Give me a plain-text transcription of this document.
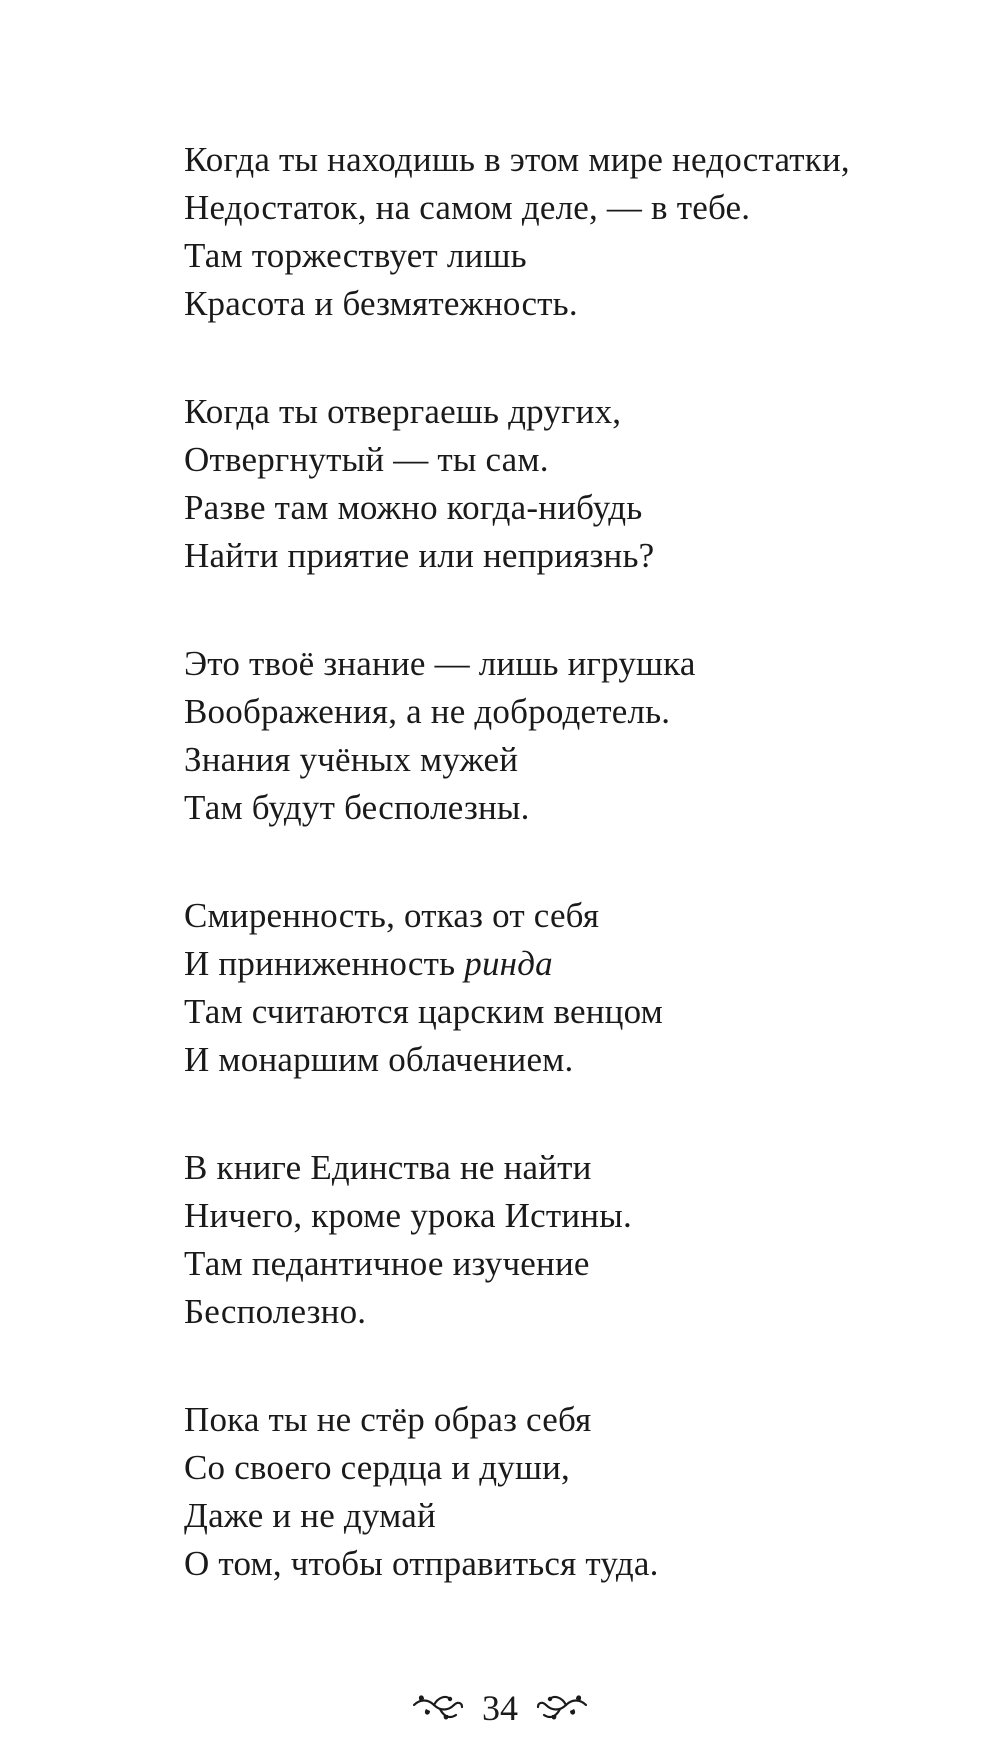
Когда ты находишь в этом мире недостатки,
Недостаток, на самом деле, — в тебе.
Там торжествует лишь
Красота и безмятежность.
Когда ты отвергаешь других,
Отвергнутый — ты сам.
Разве там можно когда-нибудь
Найти приятие или неприязнь?
Это твоё знание — лишь игрушка
Воображения, а не добродетель.
Знания учёных мужей
Там будут бесполезны.
Смиренность, отказ от себя
И приниженность ринда
Там считаются царским венцом
И монаршим облачением.
В книге Единства не найти
Ничего, кроме урока Истины.
Там педантичное изучение
Бесполезно.
Пока ты не стёр образ себя
Со своего сердца и души,
Даже и не думай
О том, чтобы отправиться туда.
34
